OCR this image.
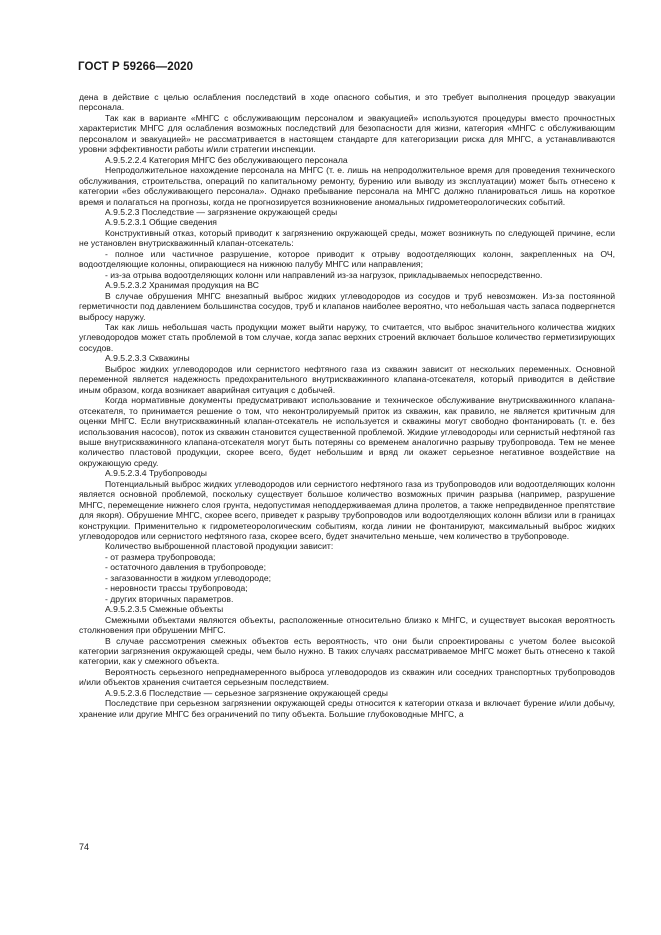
ГОСТ Р 59266—2020

дена в действие с целью ослабления последствий в ходе опасного события, и это требует выполнения процедур эвакуации персонала.

Так как в варианте «МНГС с обслуживающим персоналом и эвакуацией» используются процедуры вместо прочностных характеристик МНГС для ослабления возможных последствий для безопасности для жизни, категория «МНГС с обслуживающим персоналом и эвакуацией» не рассматривается в настоящем стандарте для категоризации риска для МНГС, а устанавливаются уровни эффективности работы и/или стратегии инспекции.

А.9.5.2.2.4 Категория МНГС без обслуживающего персонала

Непродолжительное нахождение персонала на МНГС (т. е. лишь на непродолжительное время для проведения технического обслуживания, строительства, операций по капитальному ремонту, бурению или выводу из эксплуатации) может быть отнесено к категории «без обслуживающего персонала». Однако пребывание персонала на МНГС должно планироваться лишь на короткое время и полагаться на прогнозы, когда не прогнозируется возникновение аномальных гидрометеорологических событий.

А.9.5.2.3 Последствие — загрязнение окружающей среды

А.9.5.2.3.1 Общие сведения

Конструктивный отказ, который приводит к загрязнению окружающей среды, может возникнуть по следующей причине, если не установлен внутрискважинный клапан-отсекатель:

- полное или частичное разрушение, которое приводит к отрыву водоотделяющих колонн, закрепленных на ОЧ, водоотделяющие колонны, опирающиеся на нижнюю палубу МНГС или направления;

- из-за отрыва водоотделяющих колонн или направлений из-за нагрузок, прикладываемых непосредственно.

А.9.5.2.3.2 Хранимая продукция на ВС

В случае обрушения МНГС внезапный выброс жидких углеводородов из сосудов и труб невозможен. Из-за постоянной герметичности под давлением большинства сосудов, труб и клапанов наиболее вероятно, что небольшая часть запаса подвергнется выбросу наружу.

Так как лишь небольшая часть продукции может выйти наружу, то считается, что выброс значительного количества жидких углеводородов может стать проблемой в том случае, когда запас верхних строений включает большое количество герметизирующих сосудов.

А.9.5.2.3.3 Скважины

Выброс жидких углеводородов или сернистого нефтяного газа из скважин зависит от нескольких переменных. Основной переменной является надежность предохранительного внутрискважинного клапана-отсекателя, который приводится в действие иным образом, когда возникает аварийная ситуация с добычей.

Когда нормативные документы предусматривают использование и техническое обслуживание внутрискважинного клапана-отсекателя, то принимается решение о том, что неконтролируемый приток из скважин, как правило, не является критичным для оценки МНГС. Если внутрискважинный клапан-отсекатель не используется и скважины могут свободно фонтанировать (т. е. без использования насосов), поток из скважин становится существенной проблемой. Жидкие углеводороды или сернистый нефтяной газ выше внутрискважинного клапана-отсекателя могут быть потеряны со временем аналогично разрыву трубопровода. Тем не менее количество пластовой продукции, скорее всего, будет небольшим и вряд ли окажет серьезное негативное воздействие на окружающую среду.

А.9.5.2.3.4 Трубопроводы

Потенциальный выброс жидких углеводородов или сернистого нефтяного газа из трубопроводов или водоотделяющих колонн является основной проблемой, поскольку существует большое количество возможных причин разрыва (например, разрушение МНГС, перемещение нижнего слоя грунта, недопустимая неподдерживаемая длина пролетов, а также непредвиденное препятствие для якоря). Обрушение МНГС, скорее всего, приведет к разрыву трубопроводов или водоотделяющих колонн вблизи или в границах конструкции. Применительно к гидрометеорологическим событиям, когда линии не фонтанируют, максимальный выброс жидких углеводородов или сернистого нефтяного газа, скорее всего, будет значительно меньше, чем количество в трубопроводе.

Количество выброшенной пластовой продукции зависит:

- от размера трубопровода;

- остаточного давления в трубопроводе;

- загазованности в жидком углеводороде;

- неровности трассы трубопровода;

- других вторичных параметров.

А.9.5.2.3.5 Смежные объекты

Смежными объектами являются объекты, расположенные относительно близко к МНГС, и существует высокая вероятность столкновения при обрушении МНГС.

В случае рассмотрения смежных объектов есть вероятность, что они были спроектированы с учетом более высокой категории загрязнения окружающей среды, чем было нужно. В таких случаях рассматриваемое МНГС может быть отнесено к такой категории, как у смежного объекта.

Вероятность серьезного непреднамеренного выброса углеводородов из скважин или соседних транспортных трубопроводов и/или объектов хранения считается серьезным последствием.

А.9.5.2.3.6 Последствие — серьезное загрязнение окружающей среды

Последствие при серьезном загрязнении окружающей среды относится к категории отказа и включает бурение и/или добычу, хранение или другие МНГС без ограничений по типу объекта. Большие глубоководные МНГС, а

74
